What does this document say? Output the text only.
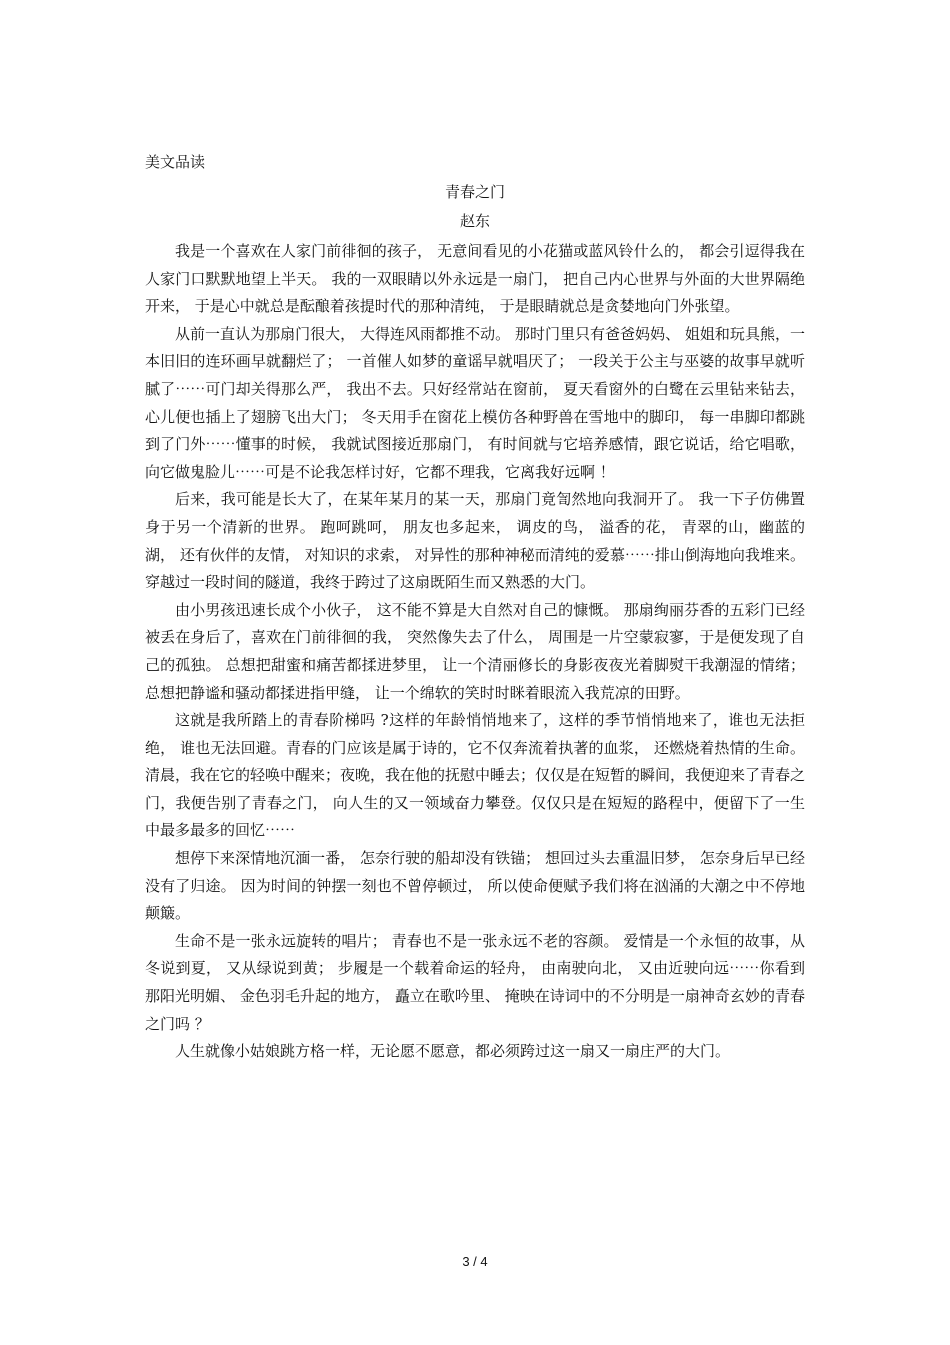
美文品读
青春之门
赵东

我是一个喜欢在人家门前徘徊的孩子， 无意间看见的小花猫或蓝风铃什么的， 都会引逗得我在人家门口默默地望上半天。 我的一双眼睛以外永远是一扇门， 把自己内心世界与外面的大世界隔绝开来， 于是心中就总是酝酿着孩提时代的那种清纯， 于是眼睛就总是贪婪地向门外张望。

从前一直认为那扇门很大， 大得连风雨都推不动。 那时门里只有爸爸妈妈、 姐姐和玩具熊，一本旧旧的连环画早就翻烂了； 一首催人如梦的童谣早就唱厌了； 一段关于公主与巫婆的故事早就听腻了⋯⋯可门却关得那么严， 我出不去。只好经常站在窗前， 夏天看窗外的白鹭在云里钻来钻去， 心儿便也插上了翅膀飞出大门； 冬天用手在窗花上模仿各种野兽在雪地中的脚印， 每一串脚印都跳到了门外⋯⋯懂事的时候， 我就试图接近那扇门， 有时间就与它培养感情，跟它说话，给它唱歌，向它做鬼脸儿⋯⋯可是不论我怎样讨好，它都不理我，它离我好远啊 ！

后来，我可能是长大了，在某年某月的某一天，那扇门竟訇然地向我洞开了。 我一下子仿佛置身于另一个清新的世界。 跑呵跳呵， 朋友也多起来， 调皮的鸟， 溢香的花， 青翠的山，幽蓝的湖， 还有伙伴的友情， 对知识的求索， 对异性的那种神秘而清纯的爱慕⋯⋯排山倒海地向我堆来。穿越过一段时间的隧道，我终于跨过了这扇既陌生而又熟悉的大门。

由小男孩迅速长成个小伙子， 这不能不算是大自然对自己的慷慨。 那扇绚丽芬香的五彩门已经被丢在身后了，喜欢在门前徘徊的我， 突然像失去了什么， 周围是一片空蒙寂寥，于是便发现了自己的孤独。 总想把甜蜜和痛苦都揉进梦里， 让一个清丽修长的身影夜夜光着脚熨干我潮湿的情绪； 总想把静谧和骚动都揉进指甲缝， 让一个绵软的笑时时眯着眼流入我荒凉的田野。

这就是我所踏上的青春阶梯吗 ?这样的年龄悄悄地来了，这样的季节悄悄地来了，谁也无法拒绝， 谁也无法回避。青春的门应该是属于诗的，它不仅奔流着执著的血浆， 还燃烧着热情的生命。清晨，我在它的轻唤中醒来；夜晚，我在他的抚慰中睡去；仅仅是在短暂的瞬间，我便迎来了青春之门，我便告别了青春之门， 向人生的又一领域奋力攀登。仅仅只是在短短的路程中，便留下了一生中最多最多的回忆⋯⋯

想停下来深情地沉湎一番， 怎奈行驶的船却没有铁锚； 想回过头去重温旧梦， 怎奈身后早已经没有了归途。 因为时间的钟摆一刻也不曾停顿过， 所以使命便赋予我们将在汹涌的大潮之中不停地颠簸。

生命不是一张永远旋转的唱片； 青春也不是一张永远不老的容颜。 爱情是一个永恒的故事，从冬说到夏， 又从绿说到黄； 步履是一个载着命运的轻舟， 由南驶向北， 又由近驶向远⋯⋯你看到那阳光明媚、 金色羽毛升起的地方， 矗立在歌吟里、 掩映在诗词中的不分明是一扇神奇玄妙的青春之门吗 ？

人生就像小姑娘跳方格一样，无论愿不愿意，都必须跨过这一扇又一扇庄严的大门。

3 / 4
